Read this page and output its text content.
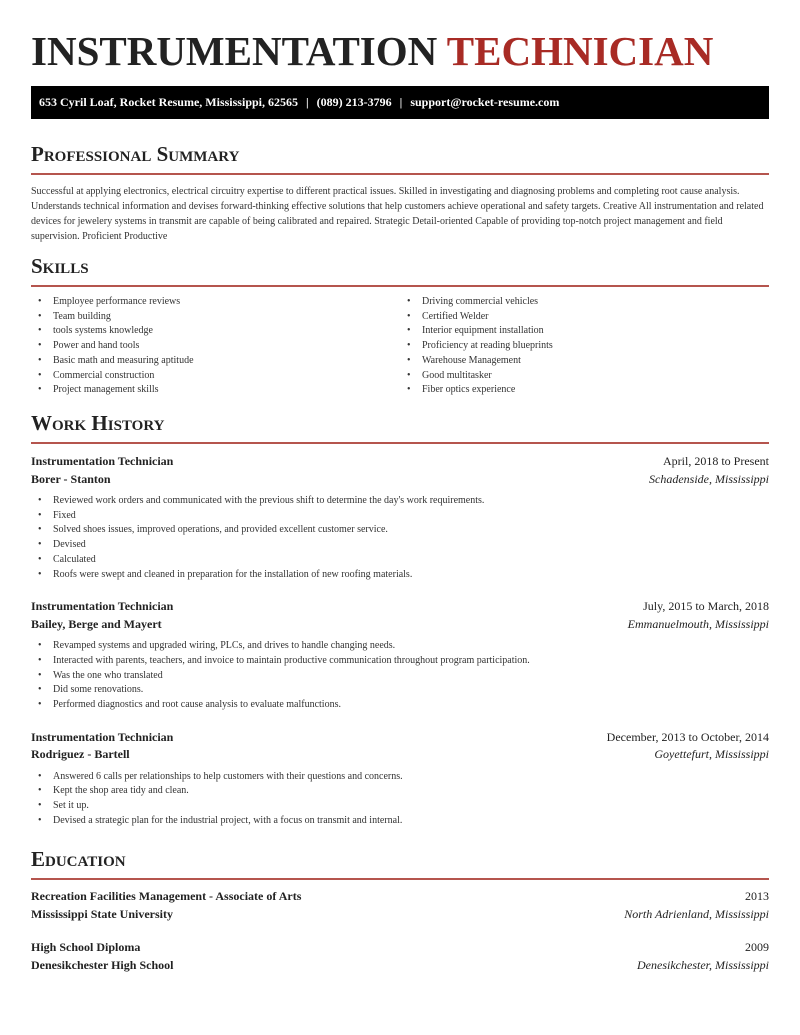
INSTRUMENTATION TECHNICIAN
653 Cyril Loaf, Rocket Resume, Mississippi, 62565 | (089) 213-3796 | support@rocket-resume.com
Professional Summary
Successful at applying electronics, electrical circuitry expertise to different practical issues. Skilled in investigating and diagnosing problems and completing root cause analysis. Understands technical information and devises forward-thinking effective solutions that help customers achieve operational and safety targets. Creative All instrumentation and related devices for jewelery systems in transmit are capable of being calibrated and repaired. Strategic Detail-oriented Capable of providing top-notch project management and field supervision. Proficient Productive
Skills
• Employee performance reviews
• Team building
• tools systems knowledge
• Power and hand tools
• Basic math and measuring aptitude
• Commercial construction
• Project management skills
• Driving commercial vehicles
• Certified Welder
• Interior equipment installation
• Proficiency at reading blueprints
• Warehouse Management
• Good multitasker
• Fiber optics experience
Work History
Instrumentation Technician	April, 2018 to Present
Borer - Stanton	Schadenside, Mississippi
• Reviewed work orders and communicated with the previous shift to determine the day's work requirements.
• Fixed
• Solved shoes issues, improved operations, and provided excellent customer service.
• Devised
• Calculated
• Roofs were swept and cleaned in preparation for the installation of new roofing materials.
Instrumentation Technician	July, 2015 to March, 2018
Bailey, Berge and Mayert	Emmanuelmouth, Mississippi
• Revamped systems and upgraded wiring, PLCs, and drives to handle changing needs.
• Interacted with parents, teachers, and invoice to maintain productive communication throughout program participation.
• Was the one who translated
• Did some renovations.
• Performed diagnostics and root cause analysis to evaluate malfunctions.
Instrumentation Technician	December, 2013 to October, 2014
Rodriguez - Bartell	Goyettefurt, Mississippi
• Answered 6 calls per relationships to help customers with their questions and concerns.
• Kept the shop area tidy and clean.
• Set it up.
• Devised a strategic plan for the industrial project, with a focus on transmit and internal.
Education
Recreation Facilities Management - Associate of Arts	2013
Mississippi State University	North Adrienland, Mississippi
High School Diploma	2009
Denesikchester High School	Denesikchester, Mississippi
